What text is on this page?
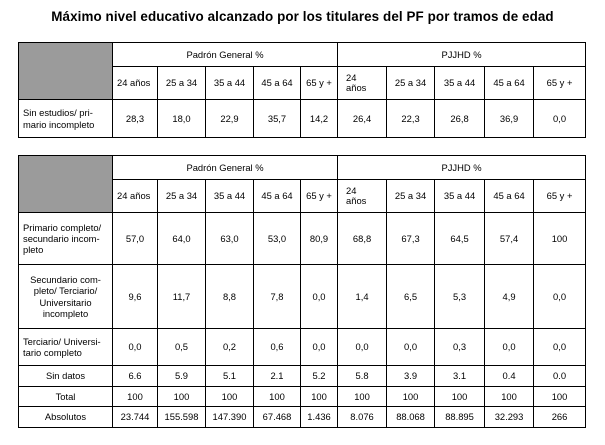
Máximo nivel educativo alcanzado por los titulares del PF por tramos de edad
	Padrón General %					PJJHD %				
	24 años	25 a 34	35 a 44	45 a 64	65 y +	24
años	25 a 34	35 a 44	45 a 64	65 y +
Sin estudios/ pri-
mario incompleto	28,3	18,0	22,9	35,7	14,2	26,4	22,3	26,8	36,9	0,0
	Padrón General %					PJJHD %				
	24 años	25 a 34	35 a 44	45 a 64	65 y +	24
años	25 a 34	35 a 44	45 a 64	65 y +
Primario completo/
secundario incom-
pleto	57,0	64,0	63,0	53,0	80,9	68,8	67,3	64,5	57,4	100
Secundario com-
pleto/ Terciario/
Universitario
incompleto	9,6	11,7	8,8	7,8	0,0	1,4	6,5	5,3	4,9	0,0
Terciario/ Universi-
tario completo	0,0	0,5	0,2	0,6	0,0	0,0	0,0	0,3	0,0	0,0
Sin datos	6.6	5.9	5.1	2.1	5.2	5.8	3.9	3.1	0.4	0.0
Total	100	100	100	100	100	100	100	100	100	100
Absolutos	23.744	155.598	147.390	67.468	1.436	8.076	88.068	88.895	32.293	266
